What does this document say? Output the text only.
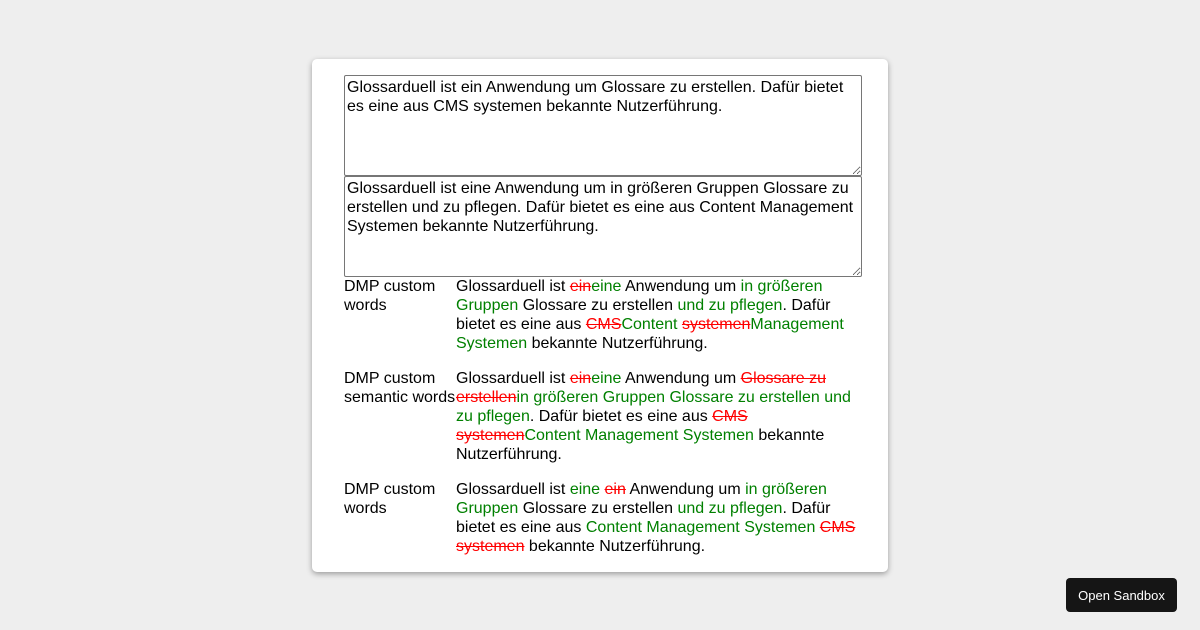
Glossarduell ist ein Anwendung um Glossare zu erstellen. Dafür bietet es eine aus CMS systemen bekannte Nutzerführung.
Glossarduell ist eine Anwendung um in größeren Gruppen Glossare zu erstellen und zu pflegen. Dafür bietet es eine aus Content Management Systemen bekannte Nutzerführung.
DMP custom words
Glossarduell ist eineine Anwendung um in größeren Gruppen Glossare zu erstellen und zu pflegen. Dafür bietet es eine aus CMSContent systemenManagement Systemen bekannte Nutzerführung.
DMP custom semantic words
Glossarduell ist eineine Anwendung um Glossare zu erstellenin größeren Gruppen Glossare zu erstellen und zu pflegen. Dafür bietet es eine aus CMS systemenContent Management Systemen bekannte Nutzerführung.
DMP custom words
Glossarduell ist eine ein Anwendung um in größeren Gruppen Glossare zu erstellen und zu pflegen. Dafür bietet es eine aus Content Management Systemen CMS systemen bekannte Nutzerführung.
Open Sandbox
